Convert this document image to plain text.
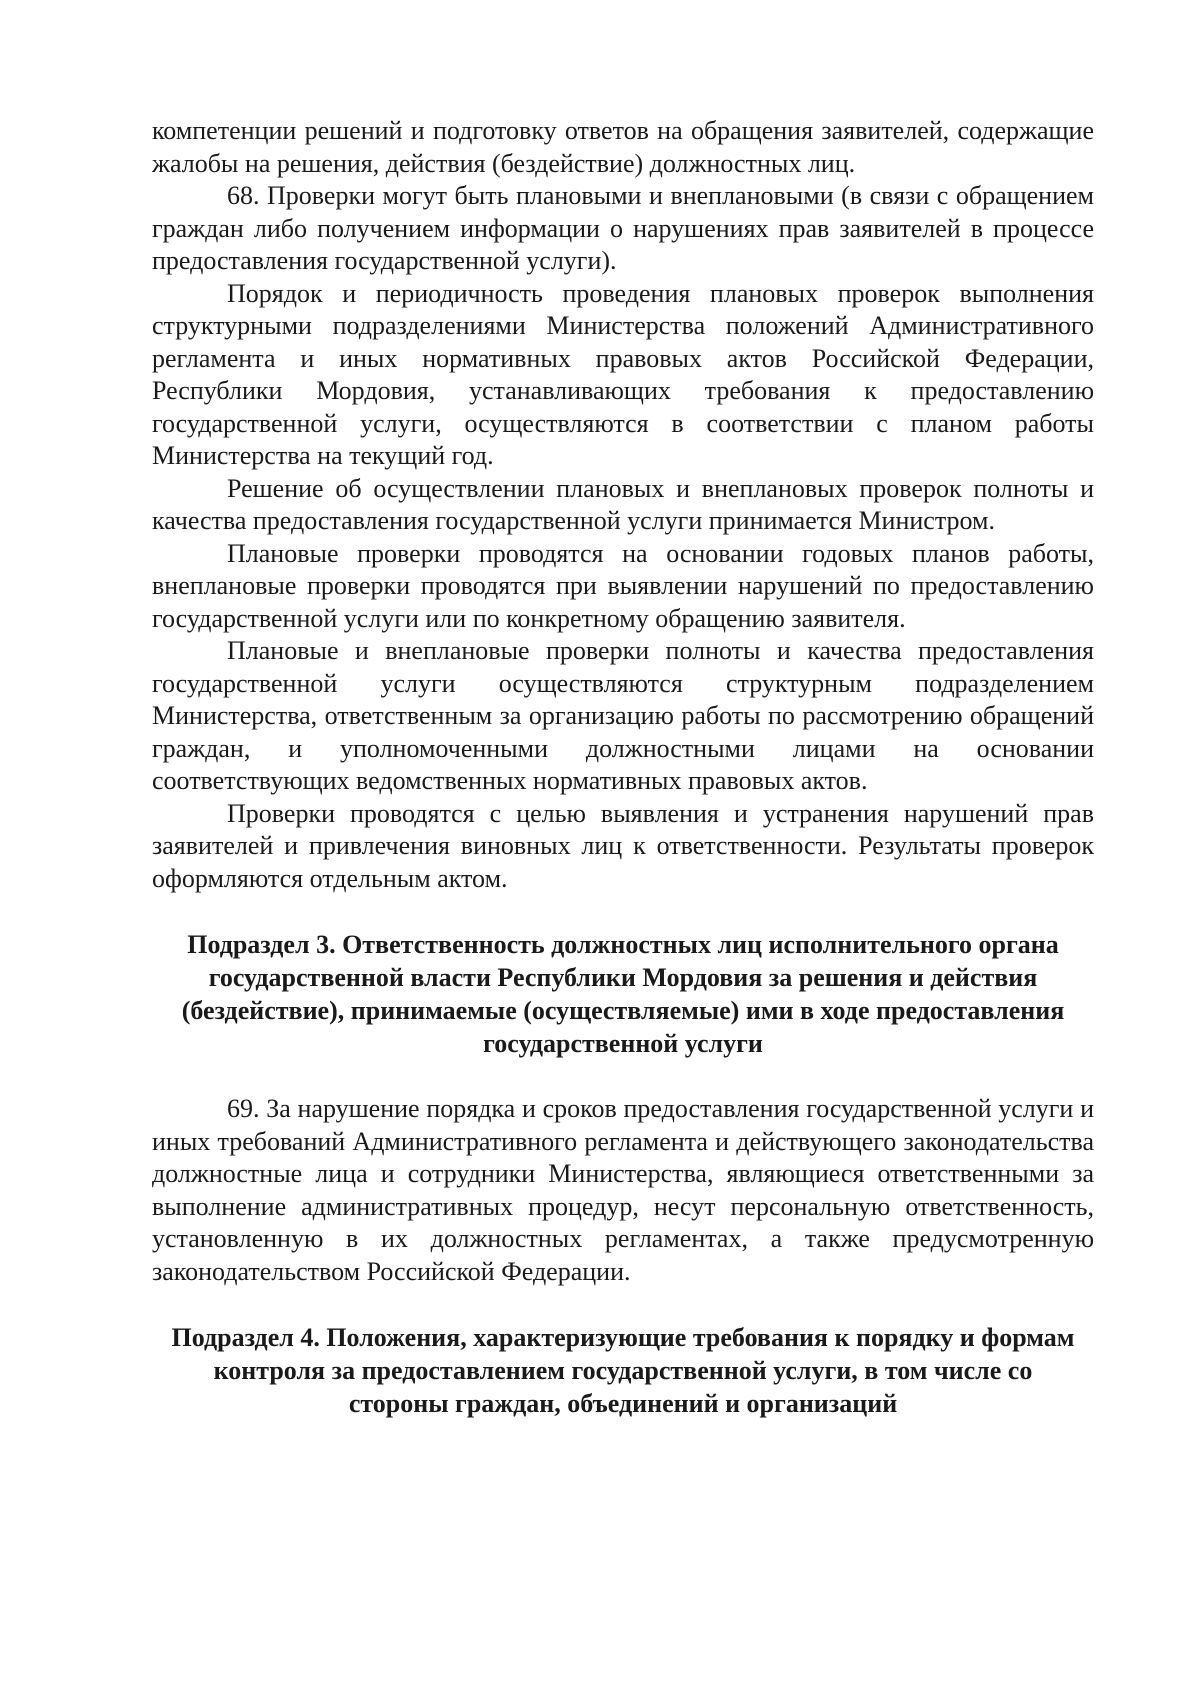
компетенции решений и подготовку ответов на обращения заявителей, содержащие жалобы на решения, действия (бездействие) должностных лиц.

68. Проверки могут быть плановыми и внеплановыми (в связи с обращением граждан либо получением информации о нарушениях прав заявителей в процессе предоставления государственной услуги).

Порядок и периодичность проведения плановых проверок выполнения структурными подразделениями Министерства положений Административного регламента и иных нормативных правовых актов Российской Федерации, Республики Мордовия, устанавливающих требования к предоставлению государственной услуги, осуществляются в соответствии с планом работы Министерства на текущий год.

Решение об осуществлении плановых и внеплановых проверок полноты и качества предоставления государственной услуги принимается Министром.

Плановые проверки проводятся на основании годовых планов работы, внеплановые проверки проводятся при выявлении нарушений по предоставлению государственной услуги или по конкретному обращению заявителя.

Плановые и внеплановые проверки полноты и качества предоставления государственной услуги осуществляются структурным подразделением Министерства, ответственным за организацию работы по рассмотрению обращений граждан, и уполномоченными должностными лицами на основании соответствующих ведомственных нормативных правовых актов.

Проверки проводятся с целью выявления и устранения нарушений прав заявителей и привлечения виновных лиц к ответственности. Результаты проверок оформляются отдельным актом.

Подраздел 3. Ответственность должностных лиц исполнительного органа государственной власти Республики Мордовия за решения и действия (бездействие), принимаемые (осуществляемые) ими в ходе предоставления государственной услуги

69. За нарушение порядка и сроков предоставления государственной услуги и иных требований Административного регламента и действующего законодательства должностные лица и сотрудники Министерства, являющиеся ответственными за выполнение административных процедур, несут персональную ответственность, установленную в их должностных регламентах, а также предусмотренную законодательством Российской Федерации.

Подраздел 4. Положения, характеризующие требования к порядку и формам контроля за предоставлением государственной услуги, в том числе со стороны граждан, объединений и организаций
